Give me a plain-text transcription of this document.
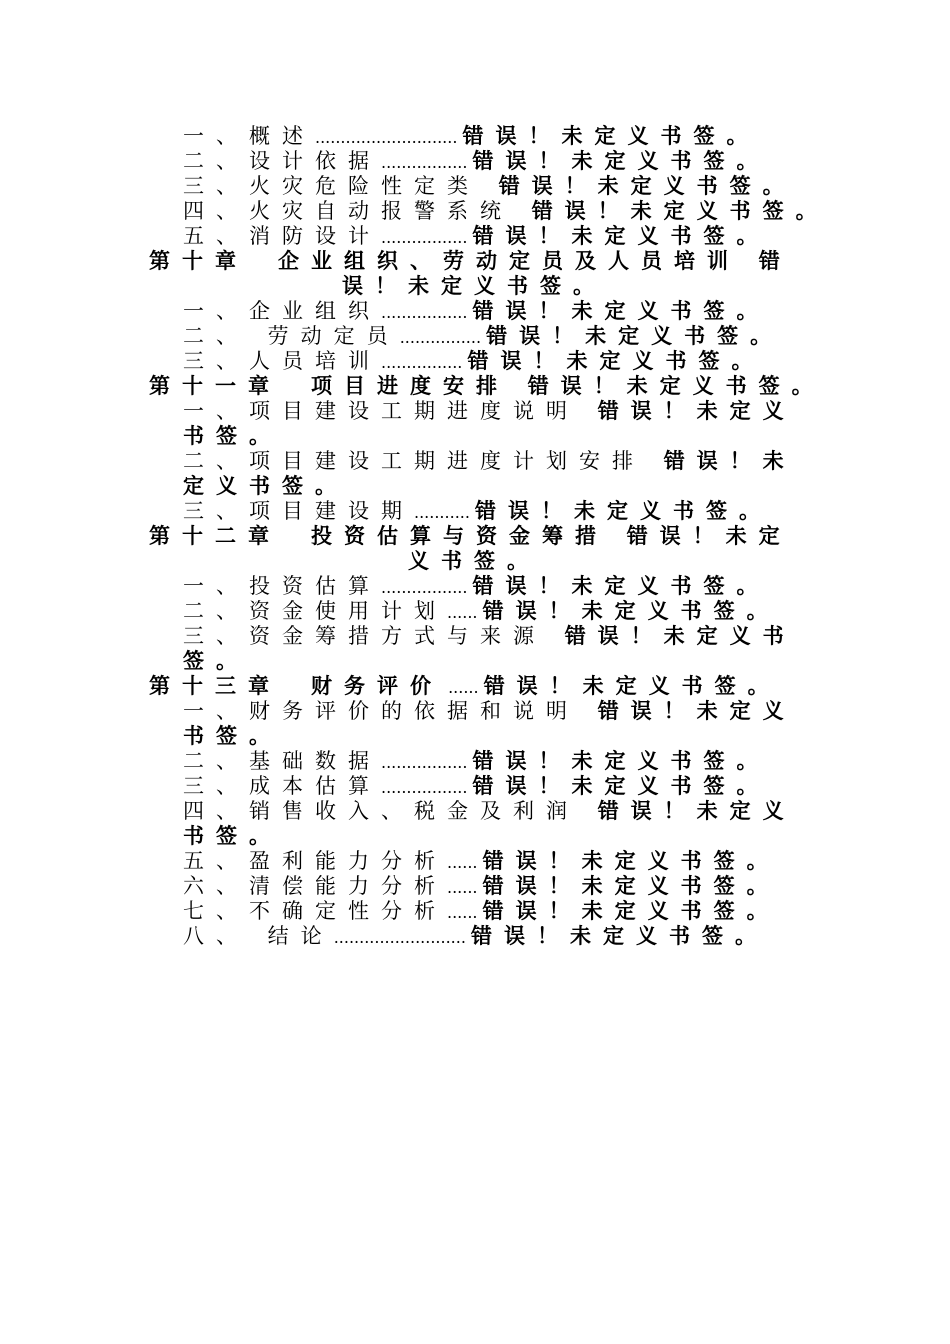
一、概述............................ 错误！未定义书签。
二、设计依据................. 错误！未定义书签。
三、火灾危险性定类 错误！未定义书签。
四、火灾自动报警系统 错误！未定义书签。
五、消防设计................. 错误！未定义书签。
第十章 企业组织、劳动定员及人员培训 错
误！未定义书签。
一、企业组织................. 错误！未定义书签。
二、 劳动定员................ 错误！未定义书签。
三、人员培训................ 错误！未定义书签。
第十一章 项目进度安排 错误！未定义书签。
一、项目建设工期进度说明 错误！未定义
书签。
二、项目建设工期进度计划安排 错误！未
定义书签。
三、项目建设期........... 错误！未定义书签。
第十二章 投资估算与资金筹措 错误！未定
义书签。
一、投资估算................. 错误！未定义书签。
二、资金使用计划...... 错误！未定义书签。
三、资金筹措方式与来源 错误！未定义书
签。
第十三章 财务评价 ...... 错误！未定义书签。
一、财务评价的依据和说明 错误！未定义
书签。
二、基础数据................. 错误！未定义书签。
三、成本估算................. 错误！未定义书签。
四、销售收入、税金及利润 错误！未定义
书签。
五、盈利能力分析...... 错误！未定义书签。
六、清偿能力分析...... 错误！未定义书签。
七、不确定性分析...... 错误！未定义书签。
八、 结论.......................... 错误！未定义书签。
